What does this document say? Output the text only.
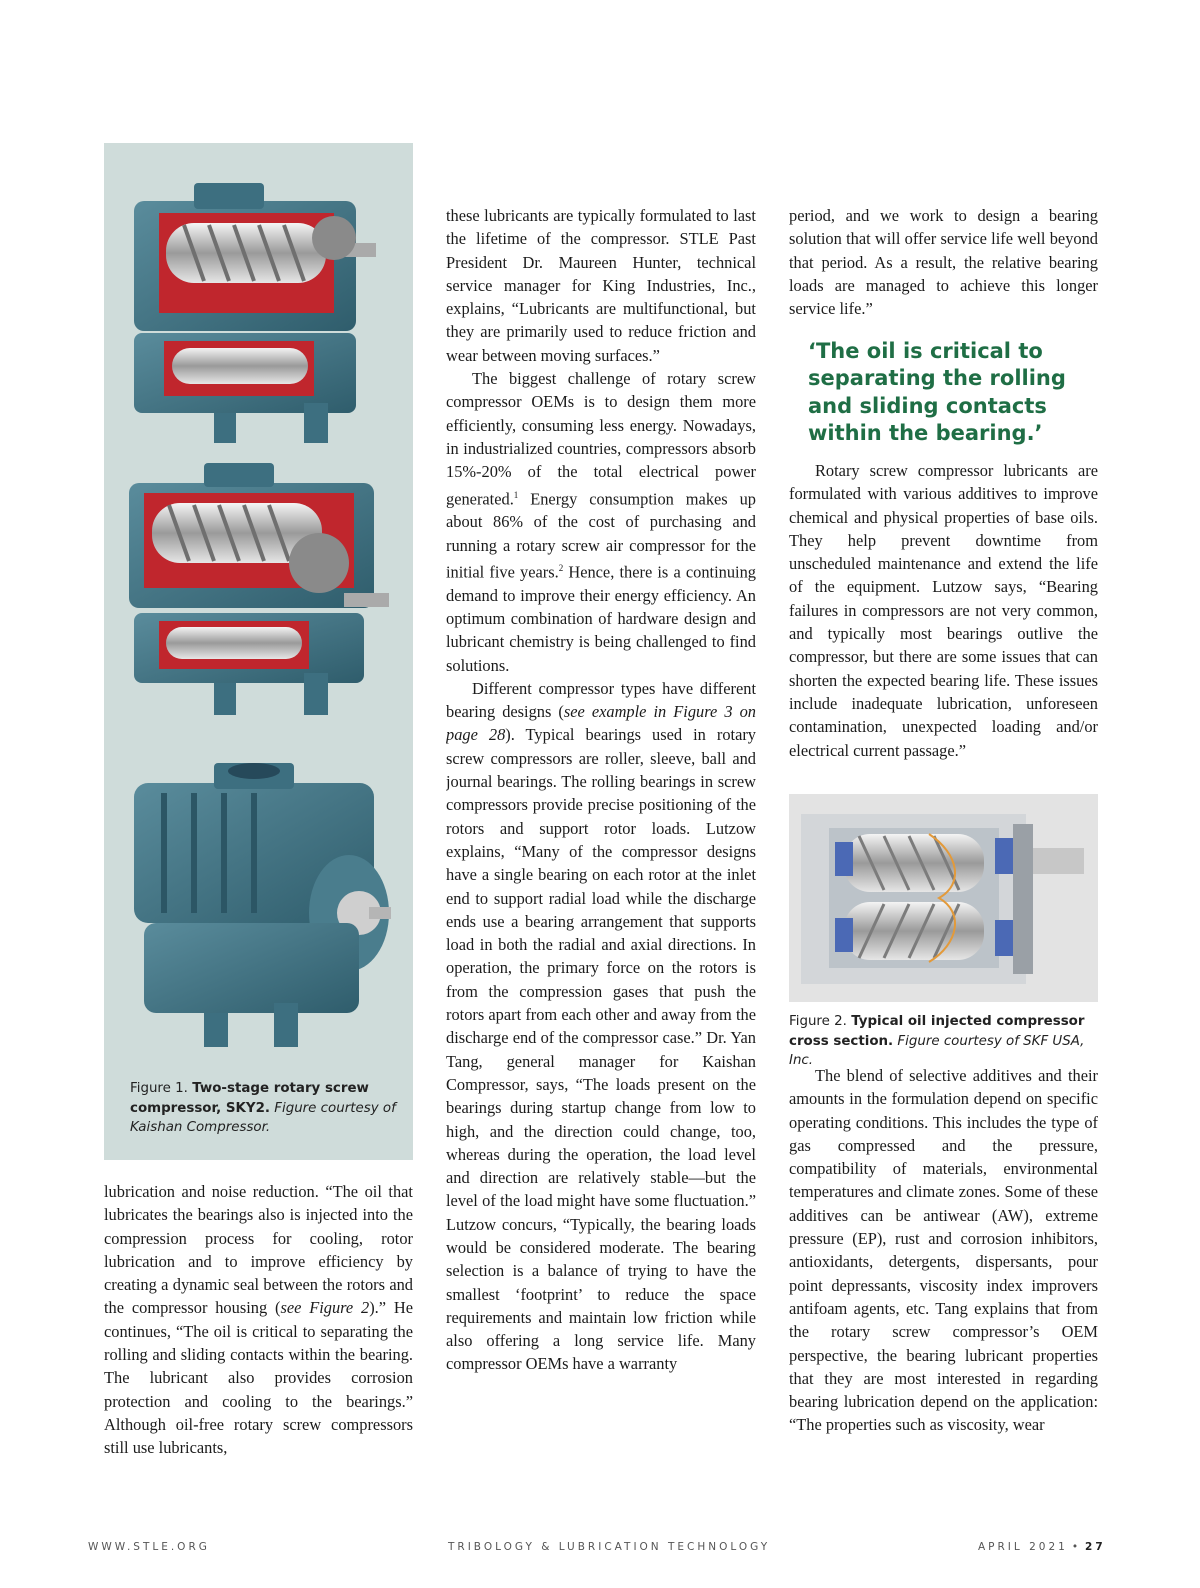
Figure 1. Two-stage rotary screw compressor, SKY2. Figure courtesy of Kaishan Compressor.

lubrication and noise reduction. “The oil that lubricates the bearings also is injected into the compression process for cooling, rotor lubrication and to improve efficiency by creating a dynamic seal between the rotors and the compressor housing (see Figure 2).” He continues, “The oil is critical to separating the rolling and sliding contacts within the bearing. The lubricant also provides corrosion protection and cooling to the bearings.” Although oil-free rotary screw compressors still use lubricants,

these lubricants are typically formulated to last the lifetime of the compressor. STLE Past President Dr. Maureen Hunter, technical service manager for King Industries, Inc., explains, “Lubricants are multifunctional, but they are primarily used to reduce friction and wear between moving surfaces.”

The biggest challenge of rotary screw compressor OEMs is to design them more efficiently, consuming less energy. Nowadays, in industrialized countries, compressors absorb 15%-20% of the total electrical power generated.$^1$ Energy consumption makes up about 86% of the cost of purchasing and running a rotary screw air compressor for the initial five years.$^2$ Hence, there is a continuing demand to improve their energy efficiency. An optimum combination of hardware design and lubricant chemistry is being challenged to find solutions.

Different compressor types have different bearing designs (see example in Figure 3 on page 28). Typical bearings used in rotary screw compressors are roller, sleeve, ball and journal bearings. The rolling bearings in screw compressors provide precise positioning of the rotors and support rotor loads. Lutzow explains, “Many of the compressor designs have a single bearing on each rotor at the inlet end to support radial load while the discharge ends use a bearing arrangement that supports load in both the radial and axial directions. In operation, the primary force on the rotors is from the compression gases that push the rotors apart from each other and away from the discharge end of the compressor case.” Dr. Yan Tang, general manager for Kaishan Compressor, says, “The loads present on the bearings during startup change from low to high, and the direction could change, too, whereas during the operation, the load level and direction are relatively stable—but the level of the load might have some fluctuation.” Lutzow concurs, “Typically, the bearing loads would be considered moderate. The bearing selection is a balance of trying to have the smallest ‘footprint’ to reduce the space requirements and maintain low friction while also offering a long service life. Many compressor OEMs have a warranty

period, and we work to design a bearing solution that will offer service life well beyond that period. As a result, the relative bearing loads are managed to achieve this longer service life.”

‘The oil is critical to separating the rolling and sliding contacts within the bearing.’

Rotary screw compressor lubricants are formulated with various additives to improve chemical and physical properties of base oils. They help prevent downtime from unscheduled maintenance and extend the life of the equipment. Lutzow says, “Bearing failures in compressors are not very common, and typically most bearings outlive the compressor, but there are some issues that can shorten the expected bearing life. These issues include inadequate lubrication, unforeseen contamination, unexpected loading and/or electrical current passage.”

Figure 2. Typical oil injected compressor cross section. Figure courtesy of SKF USA, Inc.

The blend of selective additives and their amounts in the formulation depend on specific operating conditions. This includes the type of gas compressed and the pressure, compatibility of materials, environmental temperatures and climate zones. Some of these additives can be antiwear (AW), extreme pressure (EP), rust and corrosion inhibitors, antioxidants, detergents, dispersants, pour point depressants, viscosity index improvers antifoam agents, etc. Tang explains that from the rotary screw compressor’s OEM perspective, the bearing lubricant properties that they are most interested in regarding bearing lubrication depend on the application: “The properties such as viscosity, wear

WWW.STLE.ORG	TRIBOLOGY & LUBRICATION TECHNOLOGY	APRIL 2021 • 27
